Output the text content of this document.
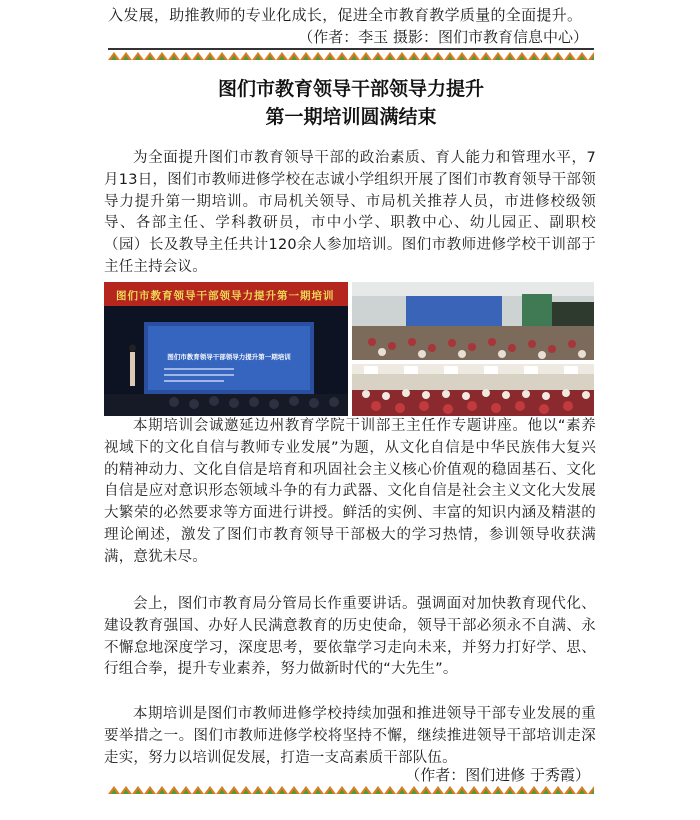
入发展，助推教师的专业化成长，促进全市教育教学质量的全面提升。
（作者：李玉 摄影：图们市教育信息中心）
图们市教育领导干部领导力提升
第一期培训圆满结束
为全面提升图们市教育领导干部的政治素质、育人能力和管理水平，7月13日，图们市教师进修学校在志诚小学组织开展了图们市教育领导干部领导力提升第一期培训。市局机关领导、市局机关推荐人员，市进修校级领导、各部主任、学科教研员，市中小学、职教中心、幼儿园正、副职校（园）长及教导主任共计120余人参加培训。图们市教师进修学校干训部于主任主持会议。
图们市教育领导干部领导力提升第一期培训
图们市教育领导干部领导力提升第一期培训
本期培训会诚邀延边州教育学院干训部王主任作专题讲座。他以“素养视域下的文化自信与教师专业发展”为题，从文化自信是中华民族伟大复兴的精神动力、文化自信是培育和巩固社会主义核心价值观的稳固基石、文化自信是应对意识形态领域斗争的有力武器、文化自信是社会主义文化大发展大繁荣的必然要求等方面进行讲授。鲜活的实例、丰富的知识内涵及精湛的理论阐述，激发了图们市教育领导干部极大的学习热情，参训领导收获满满，意犹未尽。
会上，图们市教育局分管局长作重要讲话。强调面对加快教育现代化、建设教育强国、办好人民满意教育的历史使命，领导干部必须永不自满、永不懈怠地深度学习，深度思考，要依靠学习走向未来，并努力打好学、思、行组合拳，提升专业素养，努力做新时代的“大先生”。
本期培训是图们市教师进修学校持续加强和推进领导干部专业发展的重要举措之一。图们市教师进修学校将坚持不懈，继续推进领导干部培训走深走实，努力以培训促发展，打造一支高素质干部队伍。
（作者：图们进修 于秀霞）
